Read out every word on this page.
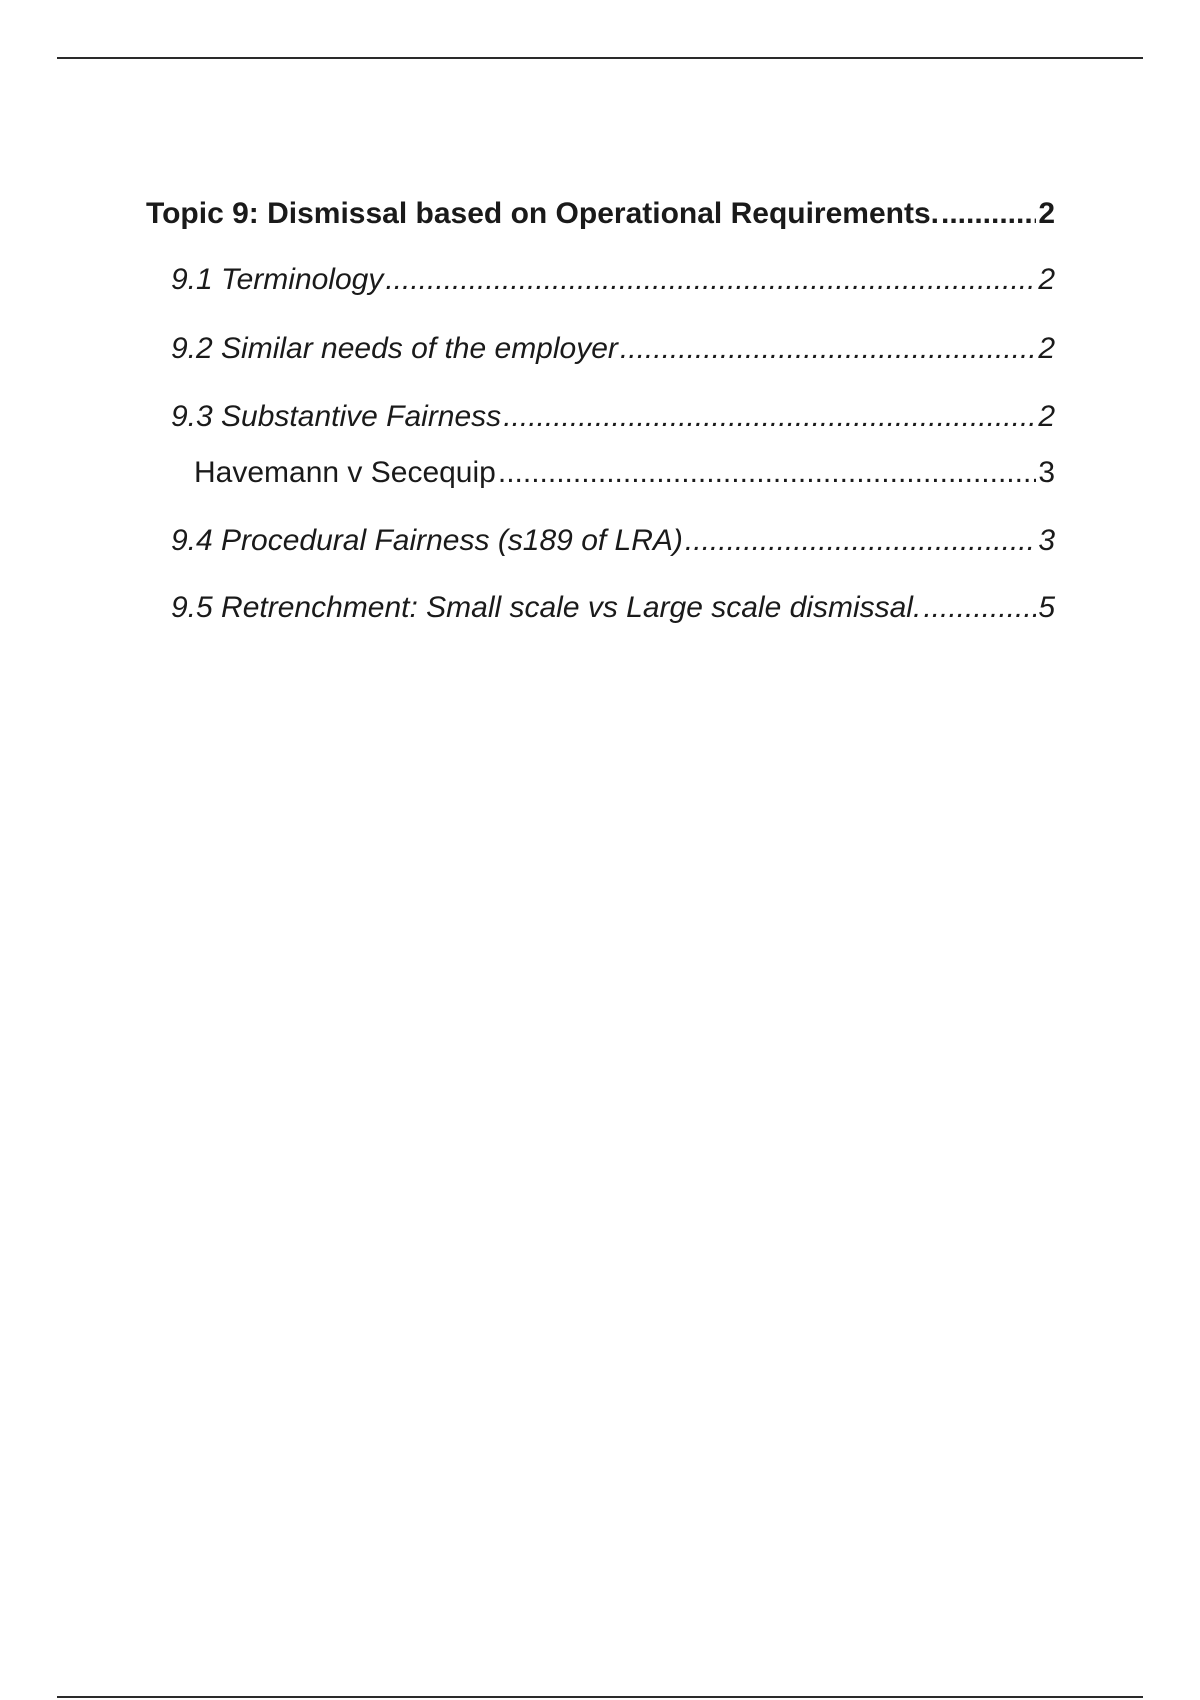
Topic 9: Dismissal based on Operational Requirements. .....	2
9.1 Terminology .....	2
9.2 Similar needs of the employer .....	2
9.3 Substantive Fairness .....	2
Havemann v Secequip .....	3
9.4 Procedural Fairness (s189 of LRA) .....	3
9.5 Retrenchment: Small scale vs Large scale dismissal. .....	5
